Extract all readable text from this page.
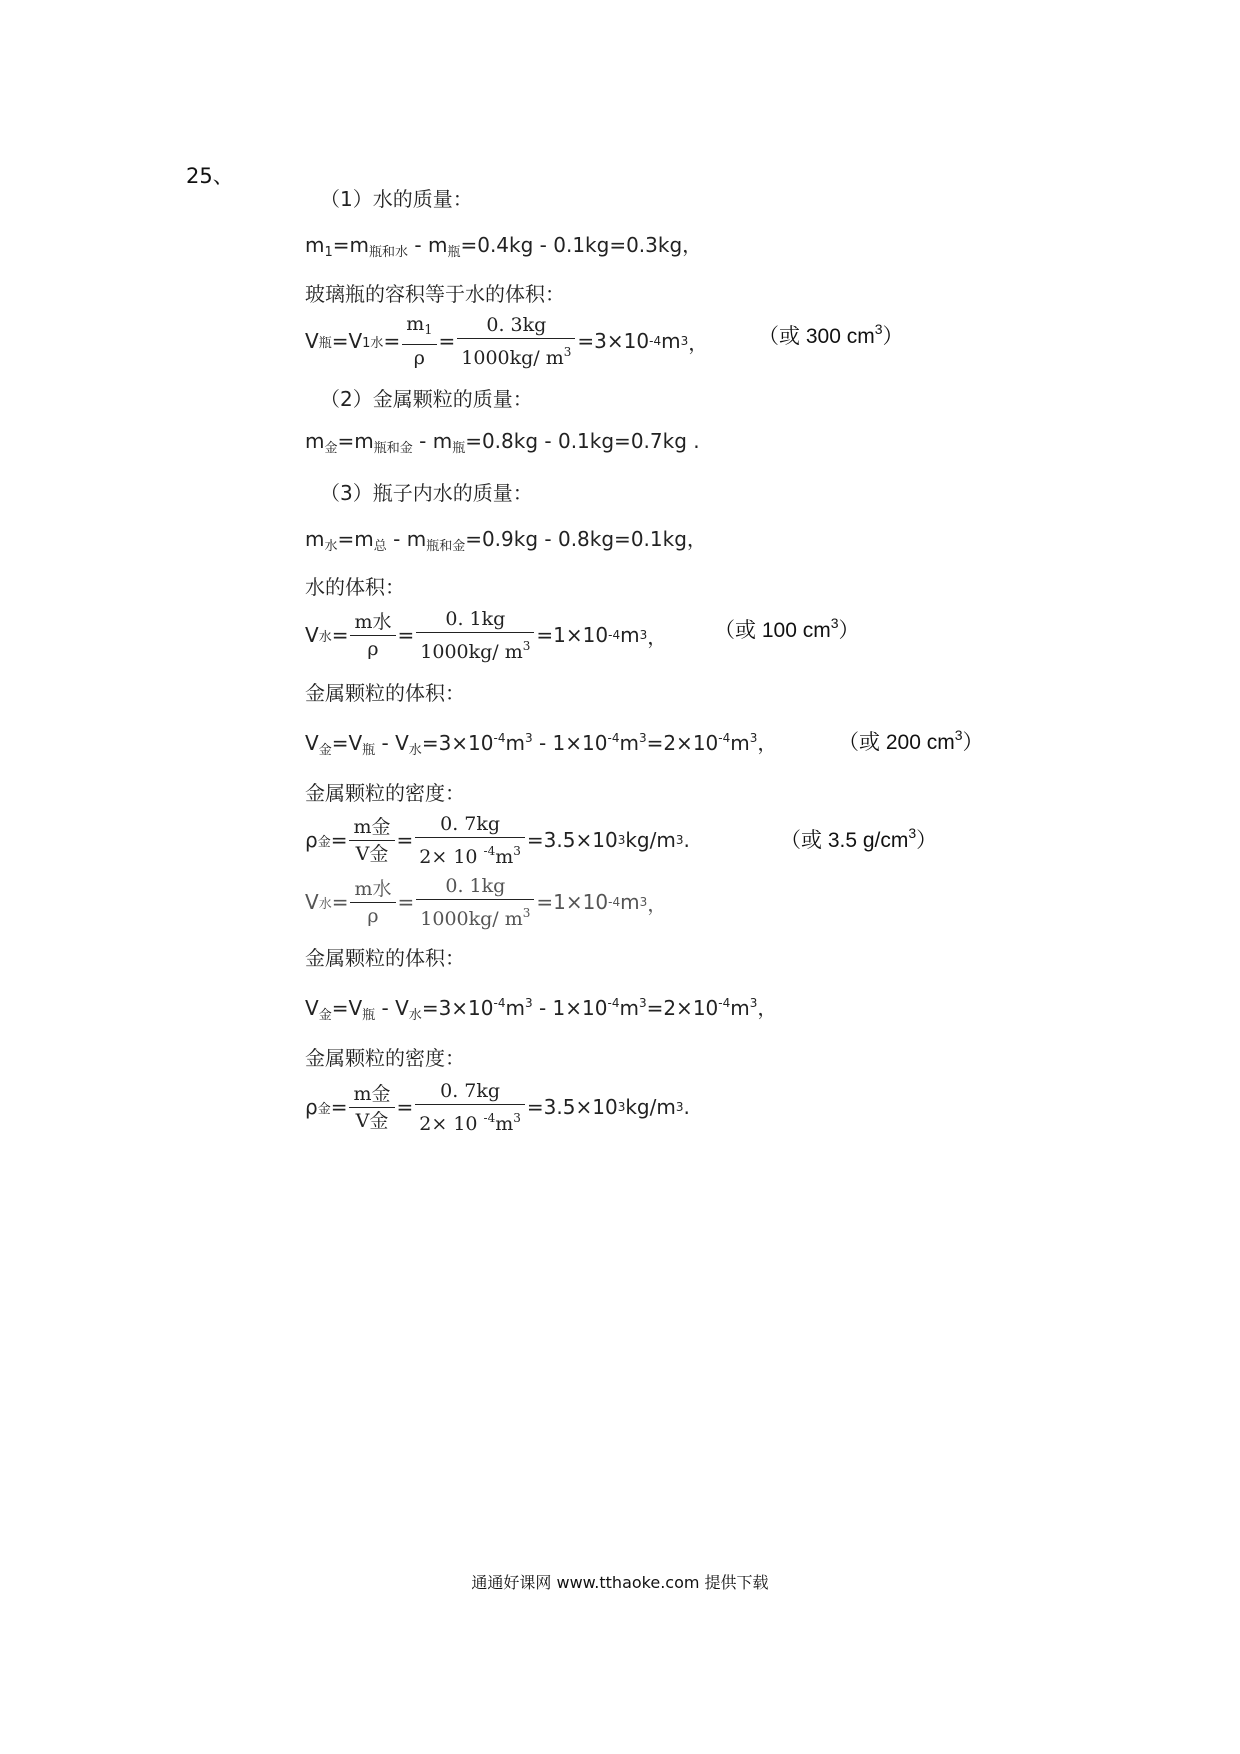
25、
（1）水的质量：
$m_1=m_{瓶和水} - m_瓶=0.4kg - 0.1kg=0.3kg$，
玻璃瓶的容积等于水的体积：
V 瓶 =V 1水 = $\frac{m_1}{\rho} = \frac{0. 3kg}{1000kg/ m^3} =3\times 10$ -4 m 3 ， （或 300 $cm^3$）
（2）金属颗粒的质量：
$m_金=m_{瓶和金} - m_瓶=0.8kg - 0.1kg=0.7kg$ .
（3）瓶子内水的质量：
$m_水=m_总 - m_{瓶和金}=0.9kg - 0.8kg=0.1kg$，
水的体积：
V 水 = $\frac{\text{m水}}{\rho} = \frac{0. 1kg}{1000kg/ m^3} =1\times 10$ -4 m 3 ， （或 100 $cm^3$）
金属颗粒的体积：
$V_金=V_瓶 - V_水=3\times 10^{-4}m^3 - 1\times 10^{-4}m^3=2\times 10^{-4}m^3$，	（或 200 $cm^3$）
金属颗粒的密度：
ρ 金 = $\frac{\text{m金}}{\text{V金}} = \frac{0. 7kg}{2\times 10 ^{-4}m^3} =3.5\times 10$ 3 kg/m 3 .	（或 3.5 $g/cm^3$）
V 水 = $\frac{\text{m水}}{\rho} = \frac{0. 1kg}{1000kg/ m^3} =1\times 10$ -4 m 3 ，
金属颗粒的体积：
$V_金=V_瓶 - V_水=3\times 10^{-4}m^3 - 1\times 10^{-4}m^3=2\times 10^{-4}m^3$，
金属颗粒的密度：
ρ 金 = $\frac{\text{m金}}{\text{V金}} = \frac{0. 7kg}{2\times 10 ^{-4}m^3} =3.5\times 10$ 3 kg/m 3 .
通通好课网 www.tthaoke.com 提供下载
